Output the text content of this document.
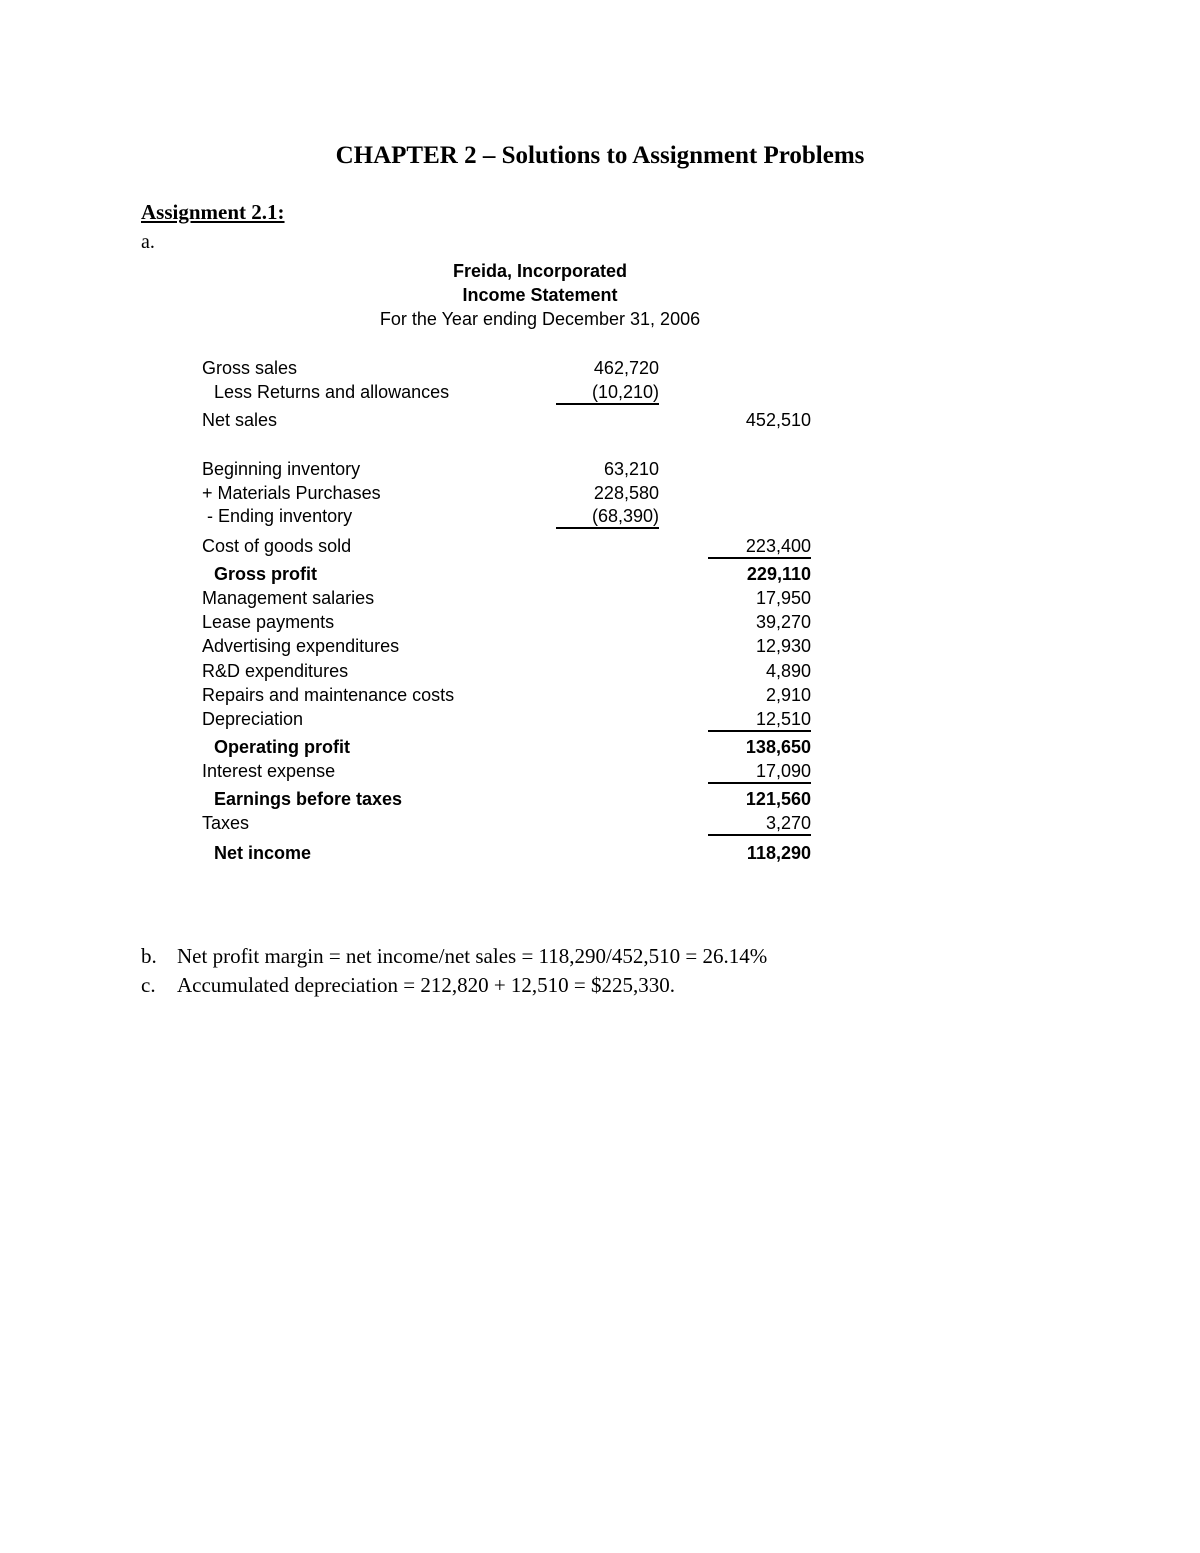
CHAPTER 2 – Solutions to Assignment Problems
Assignment 2.1:
a.
Freida, Incorporated
Income Statement
For the Year ending December 31, 2006
Gross sales	462,720
Less Returns and allowances	(10,210)
Net sales	452,510
Beginning inventory	63,210
+ Materials Purchases	228,580
- Ending inventory	(68,390)
Cost of goods sold	223,400
Gross profit	229,110
Management salaries	17,950
Lease payments	39,270
Advertising expenditures	12,930
R&D expenditures	4,890
Repairs and maintenance costs	2,910
Depreciation	12,510
Operating profit	138,650
Interest expense	17,090
Earnings before taxes	121,560
Taxes	3,270
Net income	118,290
b. Net profit margin = net income/net sales = 118,290/452,510 = 26.14%
c. Accumulated depreciation = 212,820 + 12,510 = $225,330.
